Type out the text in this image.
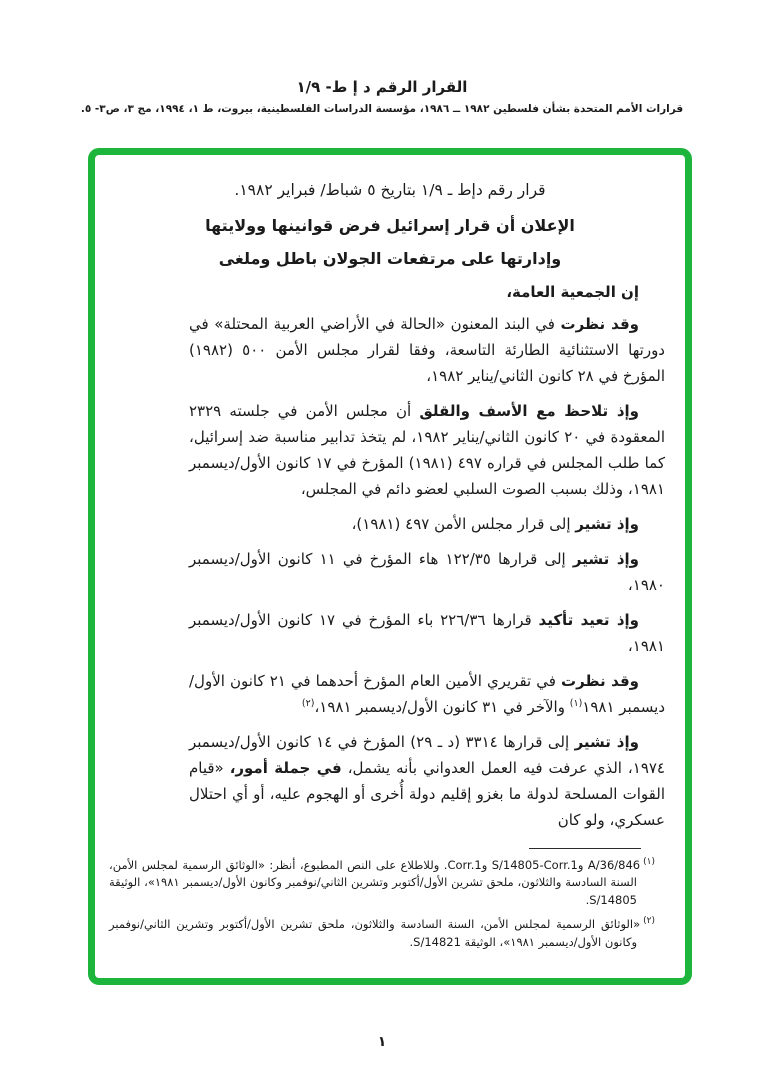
القرار الرقم د إ ط- ١/٩
قرارات الأمم المتحدة بشأن فلسطين ١٩٨٢ ــ ١٩٨٦، مؤسسة الدراسات الفلسطينية، بيروت، ط ١، ١٩٩٤، مج ٣، ص٣- ٥.
قرار رقم دإط ـ ١/٩ بتاريخ ٥ شباط/ فبراير ١٩٨٢.
الإعلان أن قرار إسرائيل فرض قوانينها وولايتها
وإدارتها على مرتفعات الجولان باطل وملغى
إن الجمعية العامة،

وقد نظرت في البند المعنون «الحالة في الأراضي العربية المحتلة» في دورتها الاستثنائية الطارئة التاسعة، وفقا لقرار مجلس الأمن ٥٠٠ (١٩٨٢) المؤرخ في ٢٨ كانون الثاني/يناير ١٩٨٢،

وإذ تلاحظ مع الأسف والقلق أن مجلس الأمن في جلسته ٢٣٢٩ المعقودة في ٢٠ كانون الثاني/يناير ١٩٨٢، لم يتخذ تدابير مناسبة ضد إسرائيل، كما طلب المجلس في قراره ٤٩٧ (١٩٨١) المؤرخ في ١٧ كانون الأول/ديسمبر ١٩٨١، وذلك بسبب الصوت السلبي لعضو دائم في المجلس،

وإذ تشير إلى قرار مجلس الأمن ٤٩٧ (١٩٨١)،

وإذ تشير إلى قرارها ١٢٢/٣٥ هاء المؤرخ في ١١ كانون الأول/ديسمبر ١٩٨٠،

وإذ تعيد تأكيد قرارها ٢٢٦/٣٦ باء المؤرخ في ١٧ كانون الأول/ديسمبر ١٩٨١،

وقد نظرت في تقريري الأمين العام المؤرخ أحدهما في ٢١ كانون الأول/ديسمبر ١٩٨١$^{(١)}$ والآخر في ٣١ كانون الأول/ديسمبر ١٩٨١،$^{(٢)}$

وإذ تشير إلى قرارها ٣٣١٤ (د ـ ٢٩) المؤرخ في ١٤ كانون الأول/ديسمبر ١٩٧٤، الذي عرفت فيه العمل العدواني بأنه يشمل، في جملة أمور، «قيام القوات المسلحة لدولة ما بغزو إقليم دولة أُخرى أو الهجوم عليه، أو أي احتلال عسكري، ولو كان

$^{(١)}$A/36/846 وS/14805-Corr.1 وCorr.1. وللاطلاع على النص المطبوع، أنظر: «الوثائق الرسمية لمجلس الأمن، السنة السادسة والثلاثون، ملحق تشرين الأول/أكتوبر وتشرين الثاني/نوفمبر وكانون الأول/ديسمبر ١٩٨١»، الوثيقة S/14805.

$^{(٢)}$«الوثائق الرسمية لمجلس الأمن، السنة السادسة والثلاثون، ملحق تشرين الأول/أكتوبر وتشرين الثاني/نوفمبر وكانون الأول/ديسمبر ١٩٨١»، الوثيقة S/14821.

١
